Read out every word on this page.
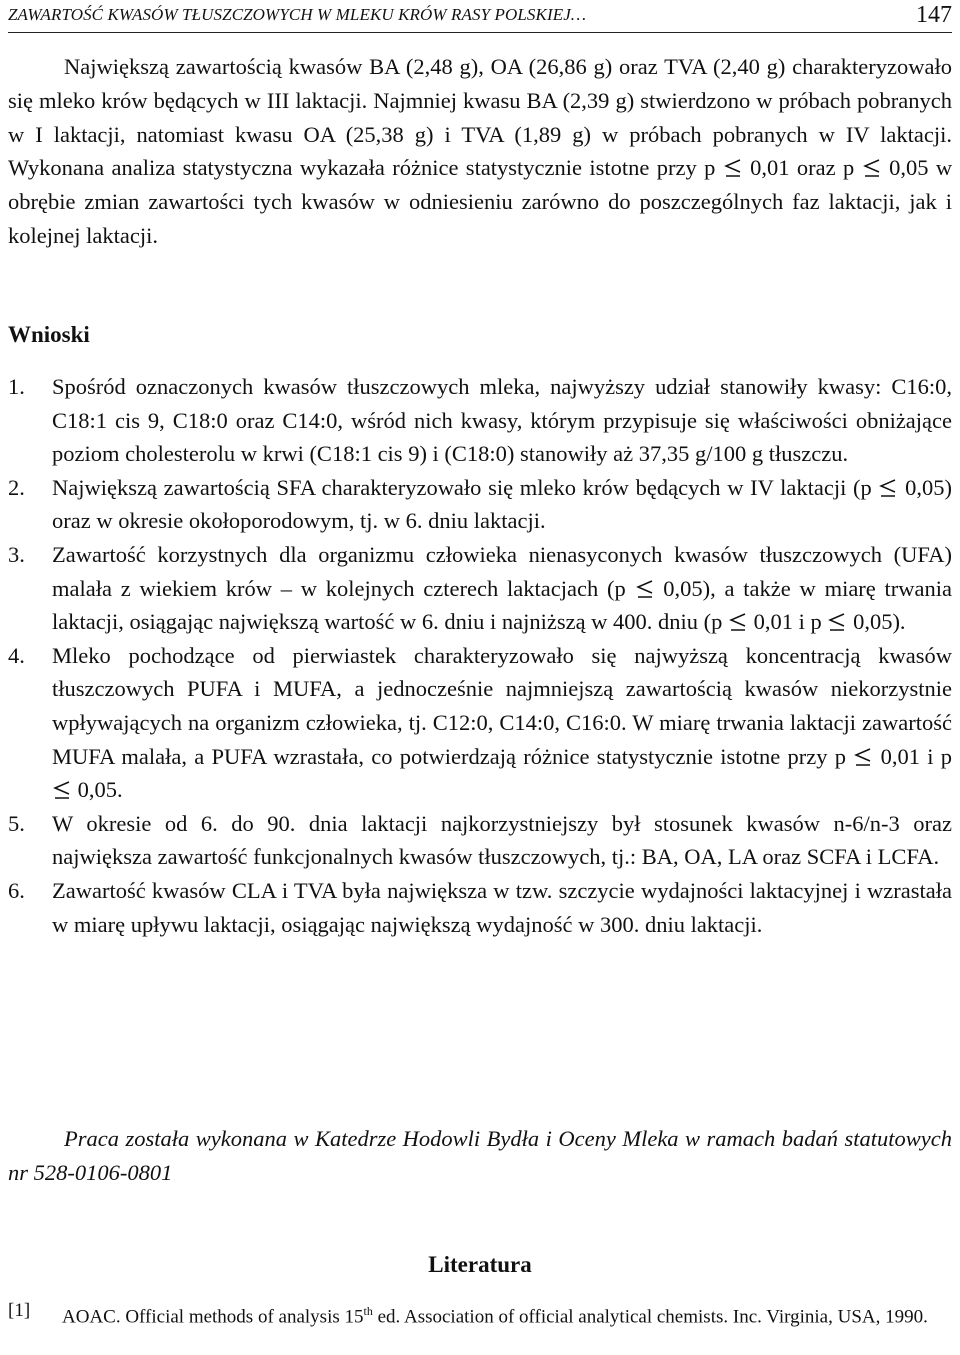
ZAWARTOŚĆ KWASÓW TŁUSZCZOWYCH W MLEKU KRÓW RASY POLSKIEJ…	147

Największą zawartością kwasów BA (2,48 g), OA (26,86 g) oraz TVA (2,40 g) charakteryzowało się mleko krów będących w III laktacji. Najmniej kwasu BA (2,39 g) stwierdzono w próbach pobranych w I laktacji, natomiast kwasu OA (25,38 g) i TVA (1,89 g) w próbach pobranych w IV laktacji. Wykonana analiza statystyczna wykazała różnice statystycznie istotne przy p 0,01 oraz p 0,05 w obrębie zmian zawartości tych kwasów w odniesieniu zarówno do poszczególnych faz laktacji, jak i kolejnej laktacji.

Wnioski

1. Spośród oznaczonych kwasów tłuszczowych mleka, najwyższy udział stanowiły kwasy: C16:0, C18:1 cis 9, C18:0 oraz C14:0, wśród nich kwasy, którym przypisuje się właściwości obniżające poziom cholesterolu w krwi (C18:1 cis 9) i (C18:0) stanowiły aż 37,35 g/100 g tłuszczu.

2. Największą zawartością SFA charakteryzowało się mleko krów będących w IV laktacji (p 0,05) oraz w okresie okołoporodowym, tj. w 6. dniu laktacji.

3. Zawartość korzystnych dla organizmu człowieka nienasyconych kwasów tłuszczowych (UFA) malała z wiekiem krów – w kolejnych czterech laktacjach (p 0,05), a także w miarę trwania laktacji, osiągając największą wartość w 6. dniu i najniższą w 400. dniu (p 0,01 i p 0,05).

4. Mleko pochodzące od pierwiastek charakteryzowało się najwyższą koncentracją kwasów tłuszczowych PUFA i MUFA, a jednocześnie najmniejszą zawartością kwasów niekorzystnie wpływających na organizm człowieka, tj. C12:0, C14:0, C16:0. W miarę trwania laktacji zawartość MUFA malała, a PUFA wzrastała, co potwierdzają różnice statystycznie istotne przy p 0,01 i p
0,05.

5. W okresie od 6. do 90. dnia laktacji najkorzystniejszy był stosunek kwasów n-6/n-3 oraz największa zawartość funkcjonalnych kwasów tłuszczowych, tj.: BA, OA, LA oraz SCFA i LCFA.

6. Zawartość kwasów CLA i TVA była największa w tzw. szczycie wydajności laktacyjnej i wzrastała w miarę upływu laktacji, osiągając największą wydajność w 300. dniu laktacji.

Praca została wykonana w Katedrze Hodowli Bydła i Oceny Mleka w ramach badań statutowych nr 528-0106-0801

Literatura
[1] AOAC. Official methods of analysis 15th ed. Association of official analytical chemists. Inc. Virginia, USA, 1990.
